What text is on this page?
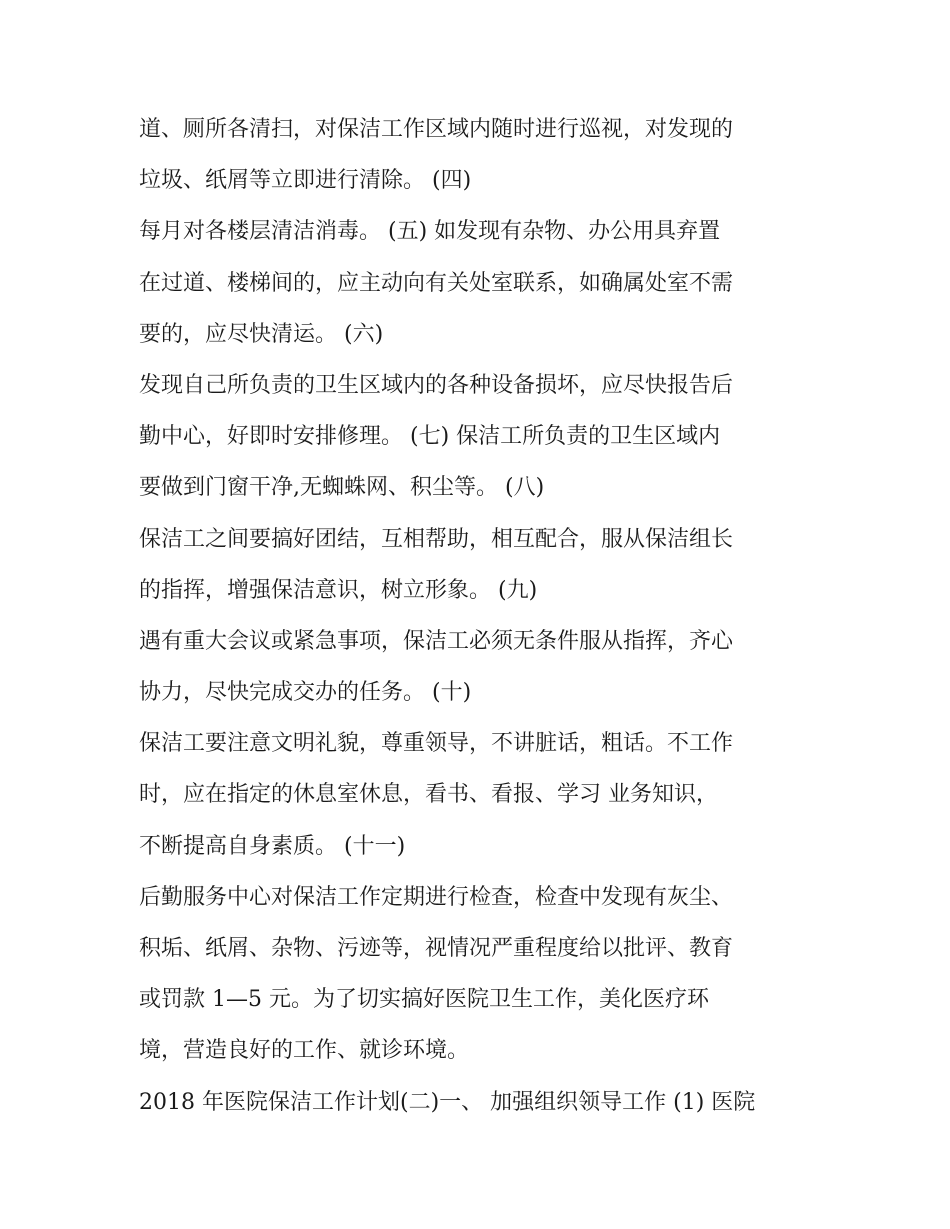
道、厕所各清扫，对保洁工作区域内随时进行巡视，对发现的
垃圾、纸屑等立即进行清除。 (四)
每月对各楼层清洁消毒。 (五) 如发现有杂物、办公用具弃置
在过道、楼梯间的，应主动向有关处室联系，如确属处室不需
要的，应尽快清运。 (六)
发现自己所负责的卫生区域内的各种设备损坏，应尽快报告后
勤中心，好即时安排修理。 (七) 保洁工所负责的卫生区域内
要做到门窗干净,无蜘蛛网、积尘等。 (八)
保洁工之间要搞好团结，互相帮助，相互配合，服从保洁组长
的指挥，增强保洁意识，树立形象。 (九)
遇有重大会议或紧急事项，保洁工必须无条件服从指挥，齐心
协力，尽快完成交办的任务。 (十)
保洁工要注意文明礼貌，尊重领导，不讲脏话，粗话。不工作
时，应在指定的休息室休息，看书、看报、学习 业务知识，
不断提高自身素质。 (十一)
后勤服务中心对保洁工作定期进行检查，检查中发现有灰尘、
积垢、纸屑、杂物、污迹等，视情况严重程度给以批评、教育
或罚款 1—5 元。为了切实搞好医院卫生工作，美化医疗环
境，营造良好的工作、就诊环境。
2018 年医院保洁工作计划(二)一、 加强组织领导工作 (1) 医院
